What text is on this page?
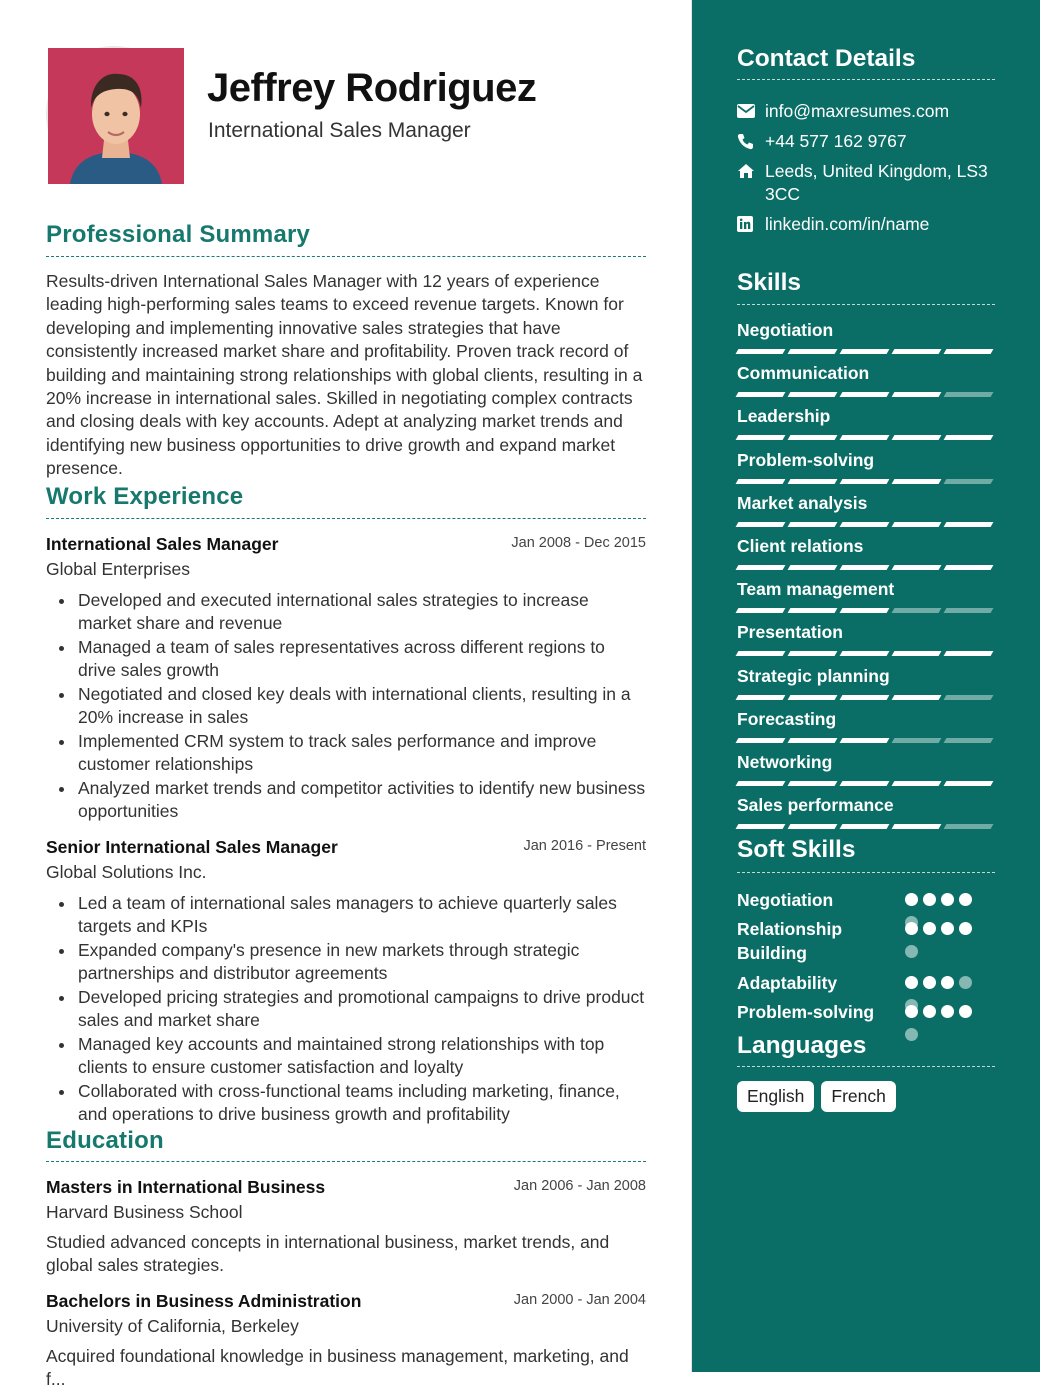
Jeffrey Rodriguez
International Sales Manager
Professional Summary
Results-driven International Sales Manager with 12 years of experience leading high-performing sales teams to exceed revenue targets. Known for developing and implementing innovative sales strategies that have consistently increased market share and profitability. Proven track record of building and maintaining strong relationships with global clients, resulting in a 20% increase in international sales. Skilled in negotiating complex contracts and closing deals with key accounts. Adept at analyzing market trends and identifying new business opportunities to drive growth and expand market presence.
Work Experience
International Sales Manager	Jan 2008 - Dec 2015
Global Enterprises
Developed and executed international sales strategies to increase market share and revenue
Managed a team of sales representatives across different regions to drive sales growth
Negotiated and closed key deals with international clients, resulting in a 20% increase in sales
Implemented CRM system to track sales performance and improve customer relationships
Analyzed market trends and competitor activities to identify new business opportunities
Senior International Sales Manager	Jan 2016 - Present
Global Solutions Inc.
Led a team of international sales managers to achieve quarterly sales targets and KPIs
Expanded company's presence in new markets through strategic partnerships and distributor agreements
Developed pricing strategies and promotional campaigns to drive product sales and market share
Managed key accounts and maintained strong relationships with top clients to ensure customer satisfaction and loyalty
Collaborated with cross-functional teams including marketing, finance, and operations to drive business growth and profitability
Education
Masters in International Business	Jan 2006 - Jan 2008
Harvard Business School
Studied advanced concepts in international business, market trends, and global sales strategies.
Bachelors in Business Administration	Jan 2000 - Jan 2004
University of California, Berkeley
Acquired foundational knowledge in business management, marketing, and f...
Contact Details
info@maxresumes.com
+44 577 162 9767
Leeds, United Kingdom, LS3 3CC
linkedin.com/in/name
Skills
Negotiation
Communication
Leadership
Problem-solving
Market analysis
Client relations
Team management
Presentation
Strategic planning
Forecasting
Networking
Sales performance
Soft Skills
Negotiation
Relationship Building
Adaptability
Problem-solving
Languages
English	French
